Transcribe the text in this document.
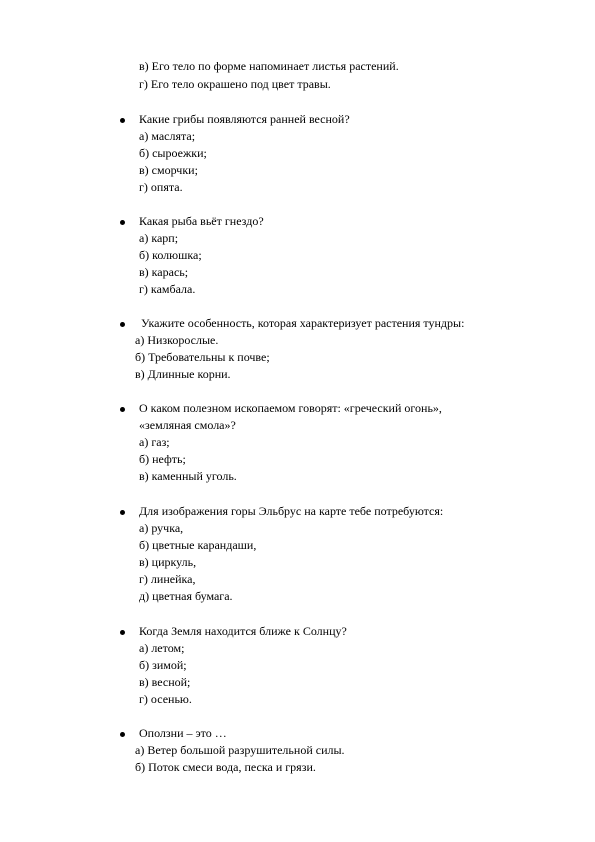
в) Его тело по форме напоминает листья растений.
г) Его тело окрашено под цвет травы.
Какие грибы появляются ранней весной?
а) маслята;
б) сыроежки;
в) сморчки;
г) опята.
Какая рыба вьёт гнездо?
а) карп;
б) колюшка;
в) карась;
г) камбала.
Укажите особенность, которая характеризует растения тундры:
а) Низкорослые.
б) Требовательны к почве;
в) Длинные корни.
О каком полезном ископаемом говорят: «греческий огонь»,
«земляная смола»?
а) газ;
б) нефть;
в) каменный уголь.
Для изображения горы Эльбрус на карте тебе потребуются:
а) ручка,
б) цветные карандаши,
в) циркуль,
г) линейка,
д) цветная бумага.
Когда Земля находится ближе к Солнцу?
а) летом;
б) зимой;
в) весной;
г) осенью.
Оползни – это …
а) Ветер большой разрушительной силы.
б) Поток смеси вода, песка и грязи.
